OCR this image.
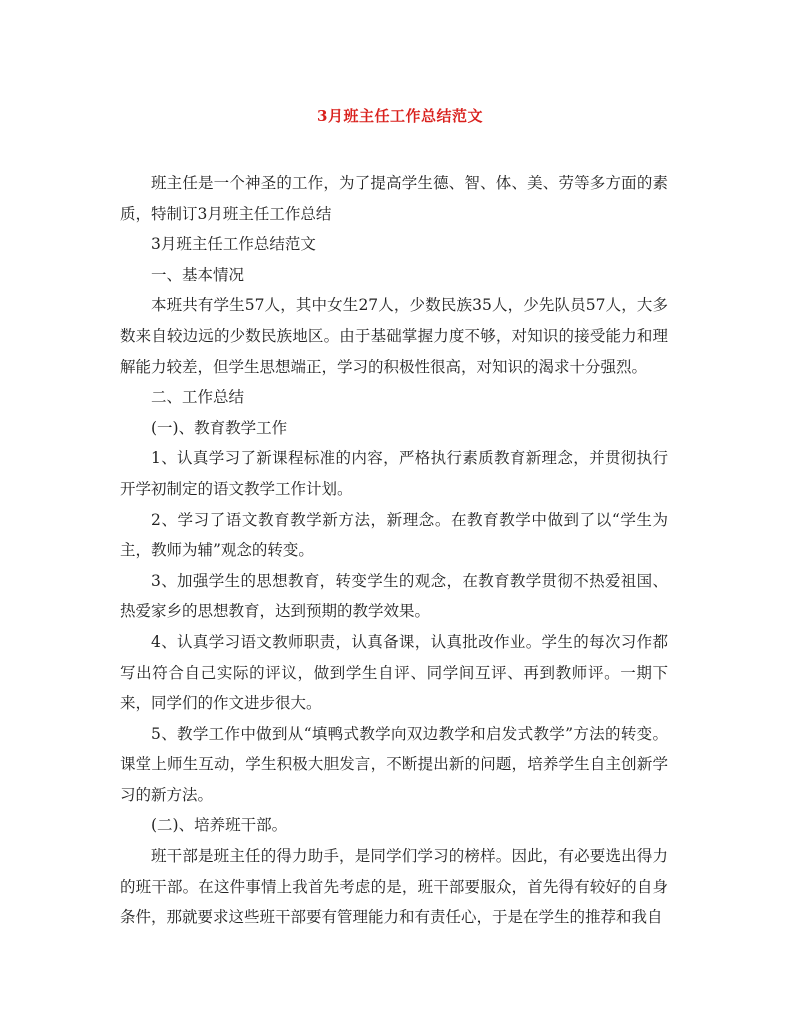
3月班主任工作总结范文

班主任是一个神圣的工作，为了提高学生德、智、体、美、劳等多方面的素质，特制订3月班主任工作总结

3月班主任工作总结范文

一、基本情况

本班共有学生57人，其中女生27人，少数民族35人，少先队员57人，大多数来自较边远的少数民族地区。由于基础掌握力度不够，对知识的接受能力和理解能力较差，但学生思想端正，学习的积极性很高，对知识的渴求十分强烈。

二、工作总结

(一)、教育教学工作

1、认真学习了新课程标准的内容，严格执行素质教育新理念，并贯彻执行开学初制定的语文教学工作计划。

2、学习了语文教育教学新方法，新理念。在教育教学中做到了以“学生为主，教师为辅”观念的转变。

3、加强学生的思想教育，转变学生的观念，在教育教学贯彻不热爱祖国、热爱家乡的思想教育，达到预期的教学效果。

4、认真学习语文教师职责，认真备课，认真批改作业。学生的每次习作都写出符合自己实际的评议，做到学生自评、同学间互评、再到教师评。一期下来，同学们的作文进步很大。

5、教学工作中做到从“填鸭式教学向双边教学和启发式教学”方法的转变。课堂上师生互动，学生积极大胆发言，不断提出新的问题，培养学生自主创新学习的新方法。

(二)、培养班干部。

班干部是班主任的得力助手，是同学们学习的榜样。因此，有必要选出得力的班干部。在这件事情上我首先考虑的是，班干部要服众，首先得有较好的自身条件，那就要求这些班干部要有管理能力和有责任心，于是在学生的推荐和我自
